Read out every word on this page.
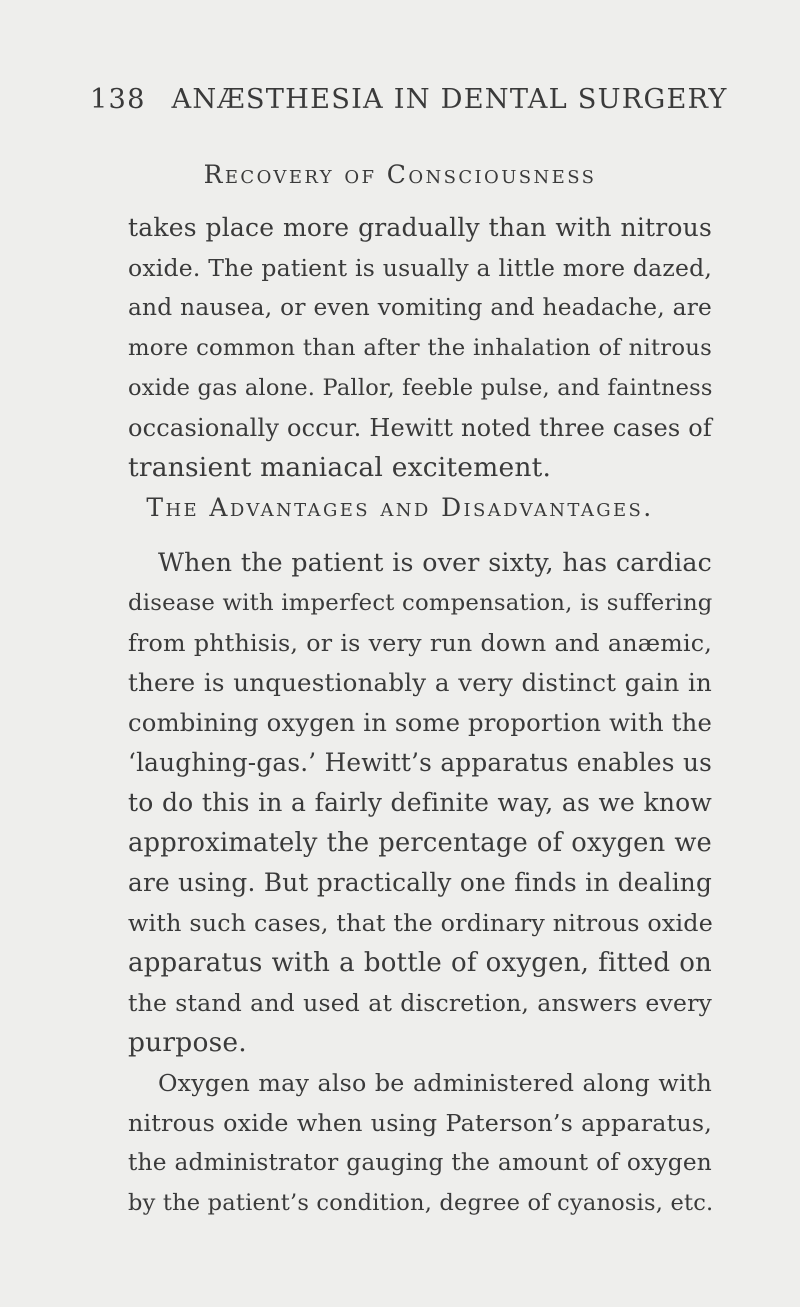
138 ANÆSTHESIA IN DENTAL SURGERY
Recovery of Consciousness
takes place more gradually than with nitrous
oxide. The patient is usually a little more dazed,
and nausea, or even vomiting and headache, are
more common than after the inhalation of nitrous
oxide gas alone. Pallor, feeble pulse, and faintness
occasionally occur. Hewitt noted three cases of
transient maniacal excitement.
The Advantages and Disadvantages.
When the patient is over sixty, has cardiac
disease with imperfect compensation, is suffering
from phthisis, or is very run down and anæmic,
there is unquestionably a very distinct gain in
combining oxygen in some proportion with the
‘laughing-gas.’ Hewitt’s apparatus enables us
to do this in a fairly definite way, as we know
approximately the percentage of oxygen we
are using. But practically one finds in dealing
with such cases, that the ordinary nitrous oxide
apparatus with a bottle of oxygen, fitted on
the stand and used at discretion, answers every
purpose.
Oxygen may also be administered along with
nitrous oxide when using Paterson’s apparatus,
the administrator gauging the amount of oxygen
by the patient’s condition, degree of cyanosis, etc.
